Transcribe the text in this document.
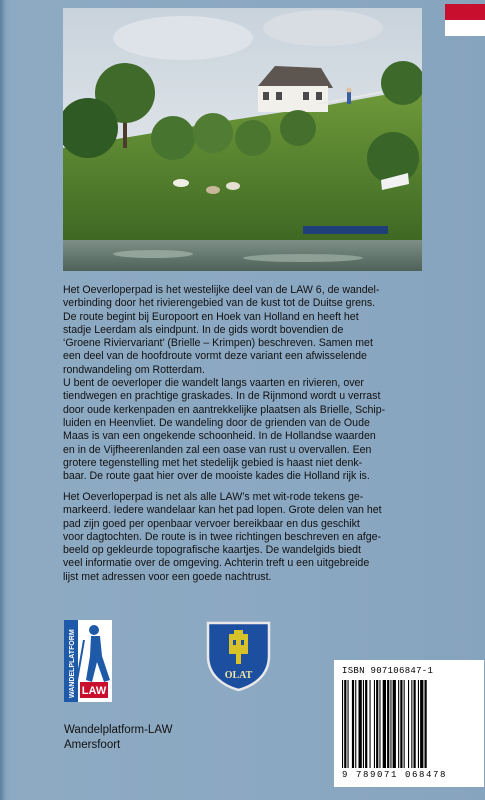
Het Oeverloperpad is het westelijke deel van de LAW 6, de wandel-
verbinding door het rivierengebied van de kust tot de Duitse grens.
De route begint bij Europoort en Hoek van Holland en heeft het
stadje Leerdam als eindpunt. In de gids wordt bovendien de
‘Groene Riviervariant’ (Brielle – Krimpen) beschreven. Samen met
een deel van de hoofdroute vormt deze variant een afwisselende
rondwandeling om Rotterdam.
U bent de oeverloper die wandelt langs vaarten en rivieren, over
tiendwegen en prachtige graskades. In de Rijnmond wordt u verrast
door oude kerkenpaden en aantrekkelijke plaatsen als Brielle, Schip-
luiden en Heenvliet. De wandeling door de grienden van de Oude
Maas is van een ongekende schoonheid. In de Hollandse waarden
en in de Vijfheerenlanden zal een oase van rust u overvallen. Een
grotere tegenstelling met het stedelijk gebied is haast niet denk-
baar. De route gaat hier over de mooiste kades die Holland rijk is.

Het Oeverloperpad is net als alle LAW’s met wit-rode tekens ge-
markeerd. Iedere wandelaar kan het pad lopen. Grote delen van het
pad zijn goed per openbaar vervoer bereikbaar en dus geschikt
voor dagtochten. De route is in twee richtingen beschreven en afge-
beeld op gekleurde topografische kaartjes. De wandelgids biedt
veel informatie over de omgeving. Achterin treft u een uitgebreide
lijst met adressen voor een goede nachtrust.

LAW
WANDELPLATFORM	OLAT	ISBN 907106847-1
9 789071 068478
Wandelplatform-LAW
Amersfoort
